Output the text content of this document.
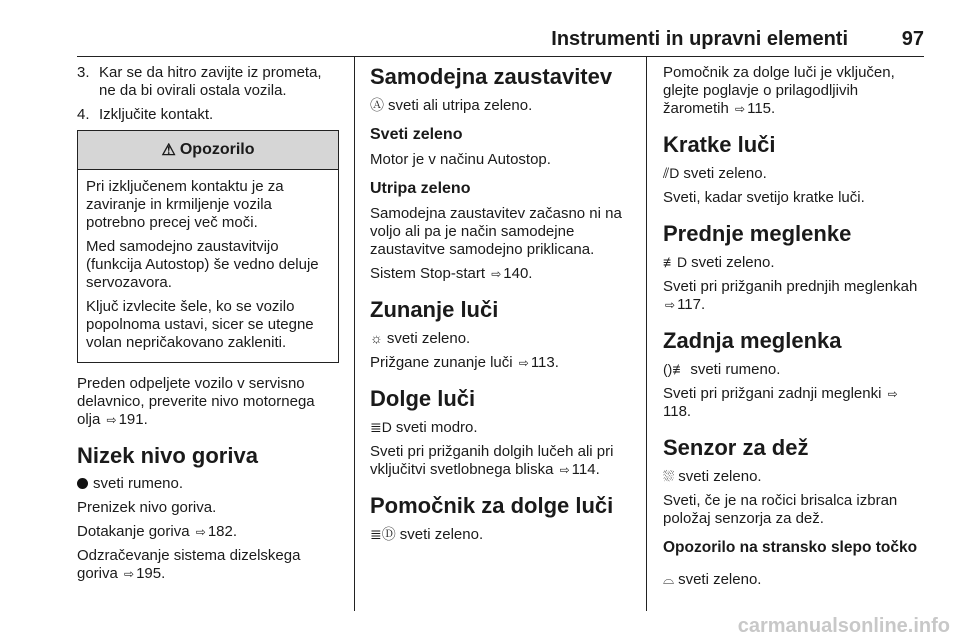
Instrumenti in upravni elementi	97
3. Kar se da hitro zavijte iz prometa, ne da bi ovirali ostala vozila.
4. Izključite kontakt.
⚠ Opozorilo

Pri izključenem kontaktu je za zaviranje in krmiljenje vozila potrebno precej več moči.

Med samodejno zaustavitvijo (funkcija Autostop) še vedno deluje servozavora.

Ključ izvlecite šele, ko se vozilo popolnoma ustavi, sicer se utegne volan nepričakovano zakleniti.

Preden odpeljete vozilo v servisno delavnico, preverite nivo motornega olja ⇨ 191.

Nizek nivo goriva

sveti rumeno.

Prenizek nivo goriva.

Dotakanje goriva ⇨ 182.

Odzračevanje sistema dizelskega goriva ⇨ 195.

Samodejna zaustavitev

Ⓐ sveti ali utripa zeleno.

Sveti zeleno

Motor je v načinu Autostop.

Utripa zeleno

Samodejna zaustavitev začasno ni na voljo ali pa je način samodejne zaustavitve samodejno priklicana.

Sistem Stop-start ⇨ 140.

Zunanje luči

☼ sveti zeleno.

Prižgane zunanje luči ⇨ 113.

Dolge luči

≣D sveti modro.

Sveti pri prižganih dolgih lučeh ali pri vključitvi svetlobnega bliska ⇨ 114.

Pomočnik za dolge luči

≣Ⓓ sveti zeleno.

Pomočnik za dolge luči je vključen, glejte poglavje o prilagodljivih žarometih ⇨ 115.

Kratke luči

⫽D sveti zeleno.

Sveti, kadar svetijo kratke luči.

Prednje meglenke

≢D sveti zeleno.

Sveti pri prižganih prednjih meglenkah ⇨ 117.

Zadnja meglenka

()≢ sveti rumeno.

Sveti pri prižgani zadnji meglenki ⇨118.

Senzor za dež

⛆ sveti zeleno.

Sveti, če je na ročici brisalca izbran položaj senzorja za dež.

Opozorilo na stransko slepo točko

⌓ sveti zeleno.

carmanualsonline.info
